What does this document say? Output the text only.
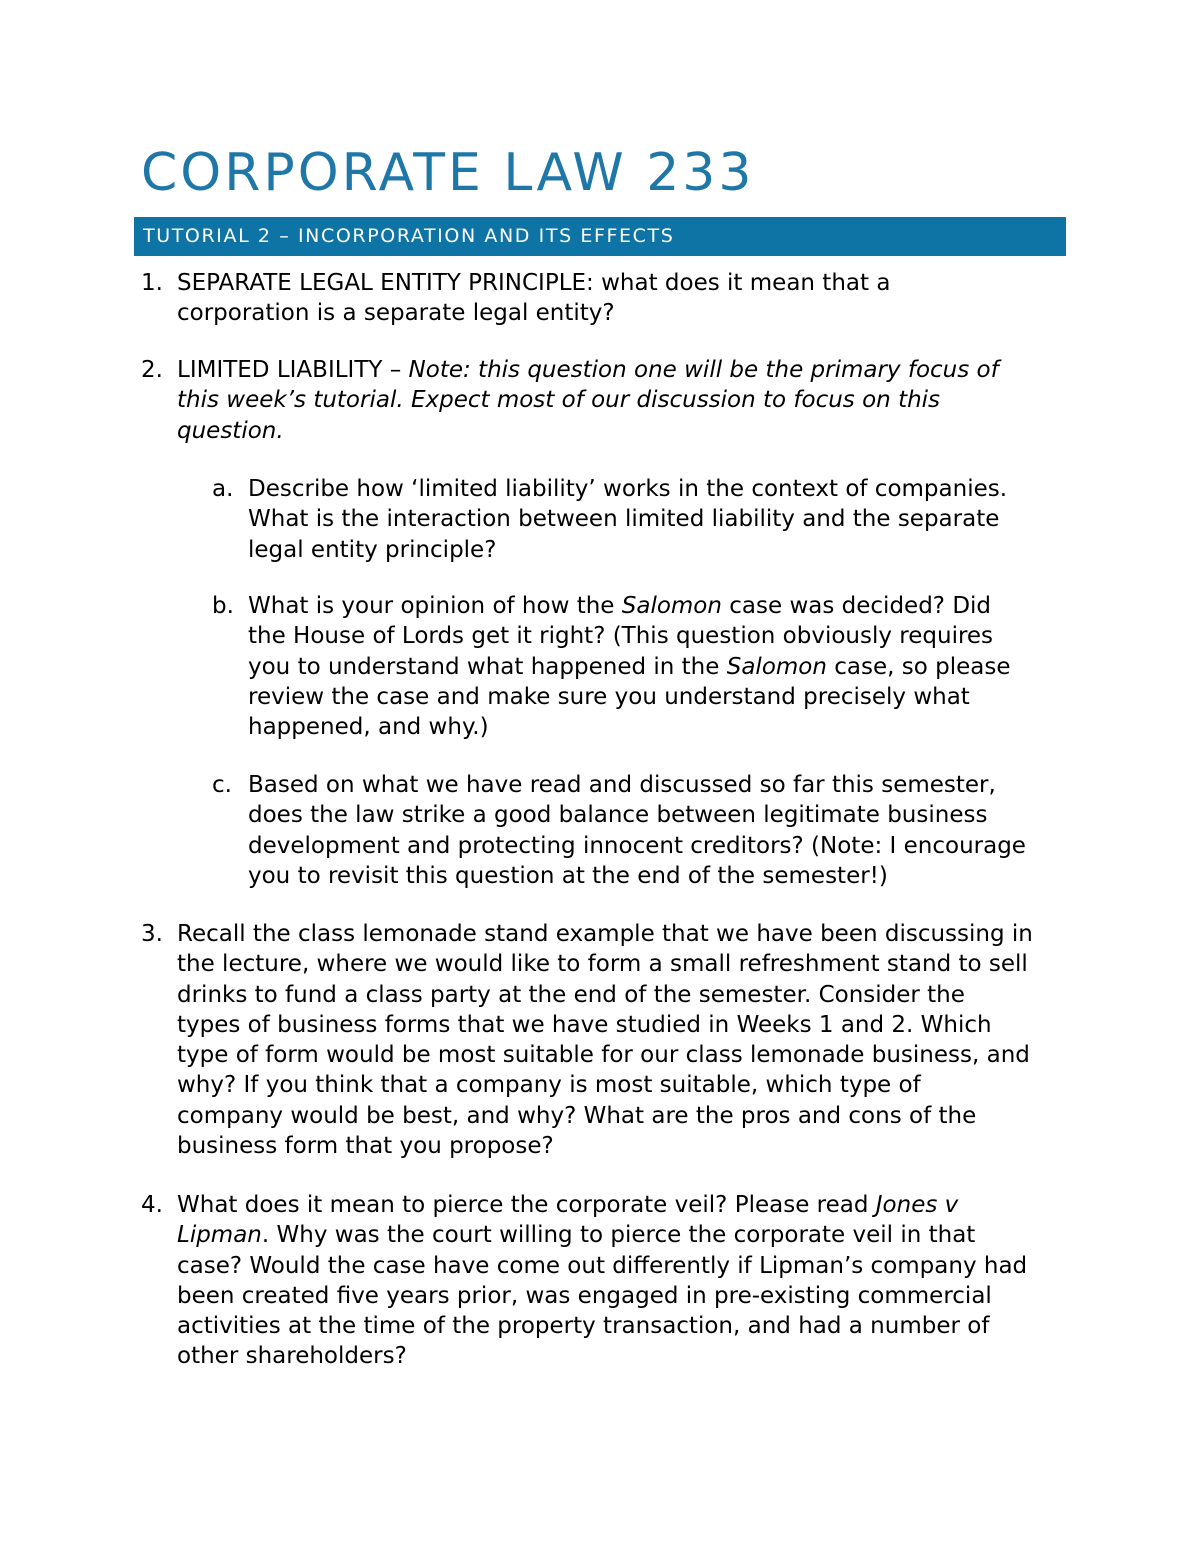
CORPORATE LAW 233
TUTORIAL 2 – INCORPORATION AND ITS EFFECTS
1. SEPARATE LEGAL ENTITY PRINCIPLE: what does it mean that a
corporation is a separate legal entity?
2. LIMITED LIABILITY – Note: this question one will be the primary focus of
this week’s tutorial. Expect most of our discussion to focus on this
question.
a. Describe how ‘limited liability’ works in the context of companies.
What is the interaction between limited liability and the separate
legal entity principle?
b. What is your opinion of how the Salomon case was decided? Did
the House of Lords get it right? (This question obviously requires
you to understand what happened in the Salomon case, so please
review the case and make sure you understand precisely what
happened, and why.)
c. Based on what we have read and discussed so far this semester,
does the law strike a good balance between legitimate business
development and protecting innocent creditors? (Note: I encourage
you to revisit this question at the end of the semester!)
3. Recall the class lemonade stand example that we have been discussing in
the lecture, where we would like to form a small refreshment stand to sell
drinks to fund a class party at the end of the semester. Consider the
types of business forms that we have studied in Weeks 1 and 2. Which
type of form would be most suitable for our class lemonade business, and
why? If you think that a company is most suitable, which type of
company would be best, and why? What are the pros and cons of the
business form that you propose?
4. What does it mean to pierce the corporate veil? Please read Jones v
Lipman. Why was the court willing to pierce the corporate veil in that
case? Would the case have come out differently if Lipman’s company had
been created five years prior, was engaged in pre-existing commercial
activities at the time of the property transaction, and had a number of
other shareholders?
